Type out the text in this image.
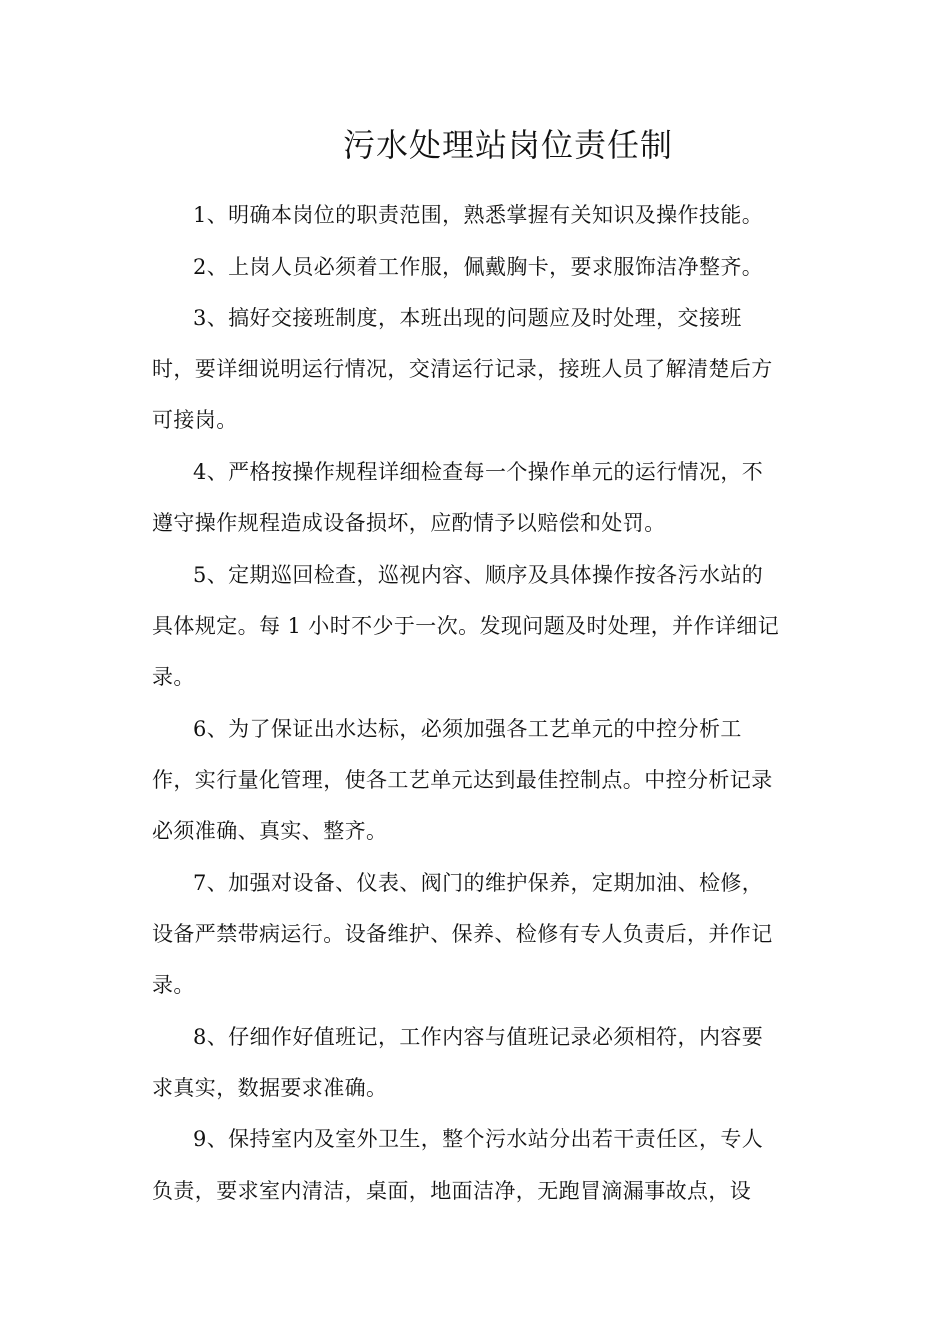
污水处理站岗位责任制
1、明确本岗位的职责范围，熟悉掌握有关知识及操作技能。
2、上岗人员必须着工作服，佩戴胸卡，要求服饰洁净整齐。
3、搞好交接班制度，本班出现的问题应及时处理，交接班
时，要详细说明运行情况，交清运行记录，接班人员了解清楚后方
可接岗。
4、严格按操作规程详细检查每一个操作单元的运行情况，不
遵守操作规程造成设备损坏，应酌情予以赔偿和处罚。
5、定期巡回检查，巡视内容、顺序及具体操作按各污水站的
具体规定。每 1 小时不少于一次。发现问题及时处理，并作详细记
录。
6、为了保证出水达标，必须加强各工艺单元的中控分析工
作，实行量化管理，使各工艺单元达到最佳控制点。中控分析记录
必须准确、真实、整齐。
7、加强对设备、仪表、阀门的维护保养，定期加油、检修，
设备严禁带病运行。设备维护、保养、检修有专人负责后，并作记
录。
8、仔细作好值班记，工作内容与值班记录必须相符，内容要
求真实，数据要求准确。
9、保持室内及室外卫生，整个污水站分出若干责任区，专人
负责，要求室内清洁，桌面，地面洁净，无跑冒滴漏事故点，设
